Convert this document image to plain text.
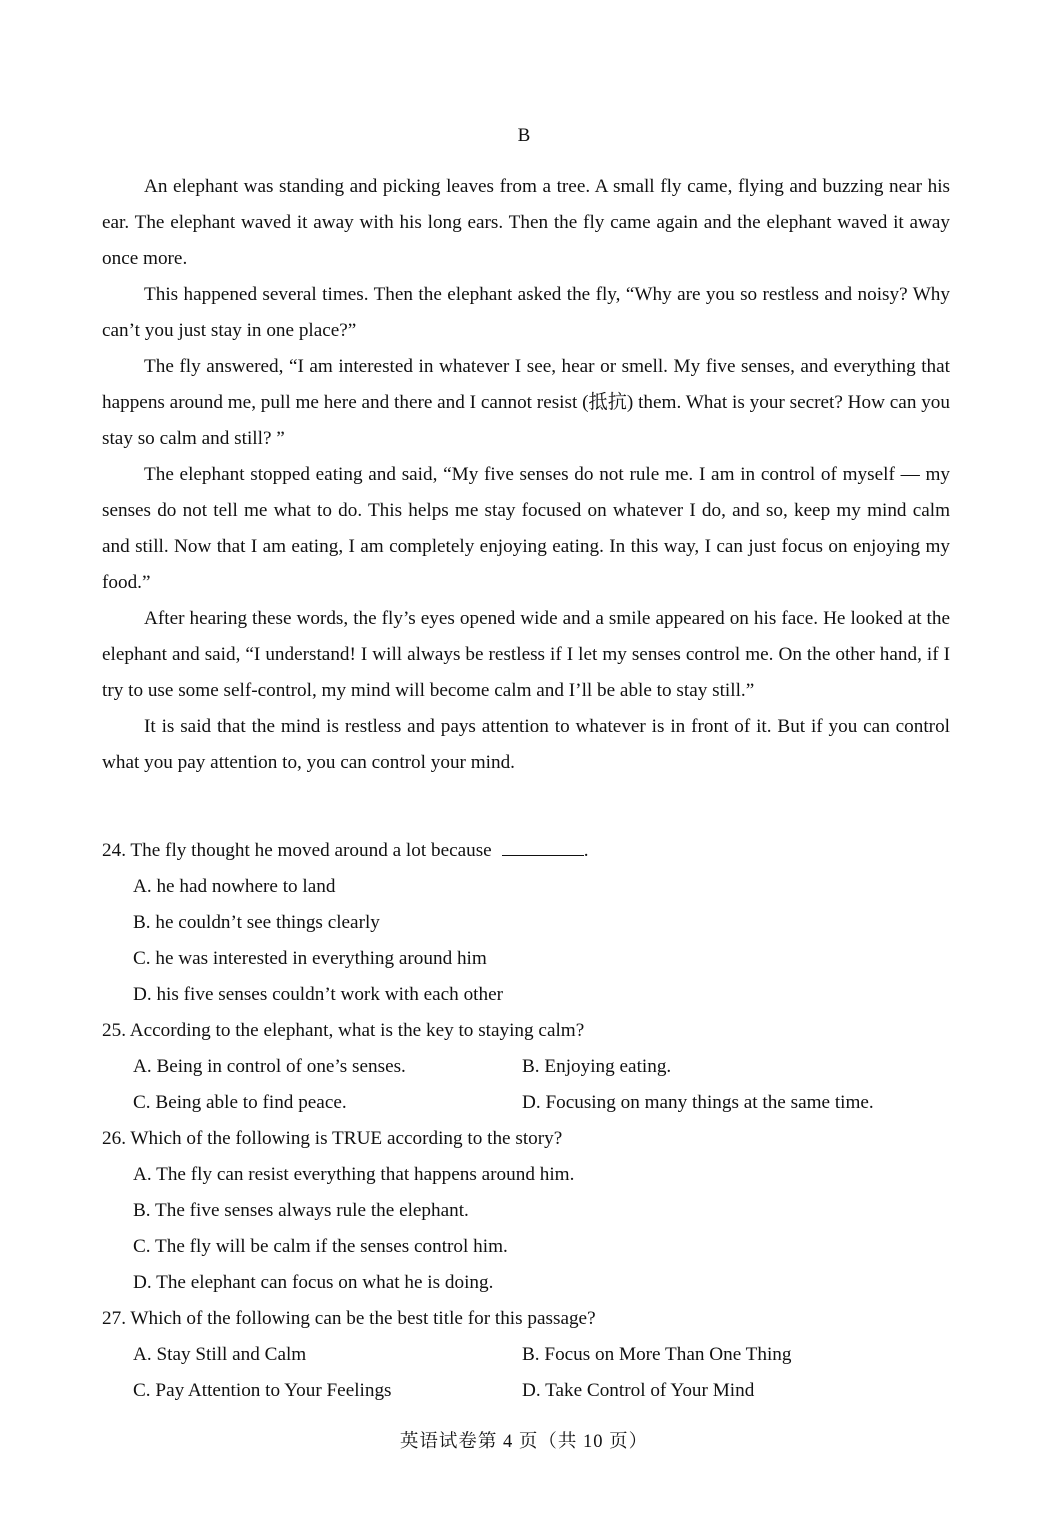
B

An elephant was standing and picking leaves from a tree. A small fly came, flying and buzzing near his ear. The elephant waved it away with his long ears. Then the fly came again and the elephant waved it away once more.

This happened several times. Then the elephant asked the fly, “Why are you so restless and noisy? Why can’t you just stay in one place?”

The fly answered, “I am interested in whatever I see, hear or smell. My five senses, and everything that happens around me, pull me here and there and I cannot resist (抵抗) them. What is your secret? How can you stay so calm and still? ”

The elephant stopped eating and said, “My five senses do not rule me. I am in control of myself — my senses do not tell me what to do. This helps me stay focused on whatever I do, and so, keep my mind calm and still. Now that I am eating, I am completely enjoying eating. In this way, I can just focus on enjoying my food.”

After hearing these words, the fly’s eyes opened wide and a smile appeared on his face. He looked at the elephant and said, “I understand! I will always be restless if I let my senses control me. On the other hand, if I try to use some self-control, my mind will become calm and I’ll be able to stay still.”

It is said that the mind is restless and pays attention to whatever is in front of it. But if you can control what you pay attention to, you can control your mind.

24. The fly thought he moved around a lot because	.
A. he had nowhere to land
B. he couldn’t see things clearly
C. he was interested in everything around him
D. his five senses couldn’t work with each other
25. According to the elephant, what is the key to staying calm?
A. Being in control of one’s senses.	B. Enjoying eating.
C. Being able to find peace.	D. Focusing on many things at the same time.
26. Which of the following is TRUE according to the story?
A. The fly can resist everything that happens around him.
B. The five senses always rule the elephant.
C. The fly will be calm if the senses control him.
D. The elephant can focus on what he is doing.
27. Which of the following can be the best title for this passage?
A. Stay Still and Calm	B. Focus on More Than One Thing
C. Pay Attention to Your Feelings	D. Take Control of Your Mind
英语试卷第 4 页（共 10 页）
